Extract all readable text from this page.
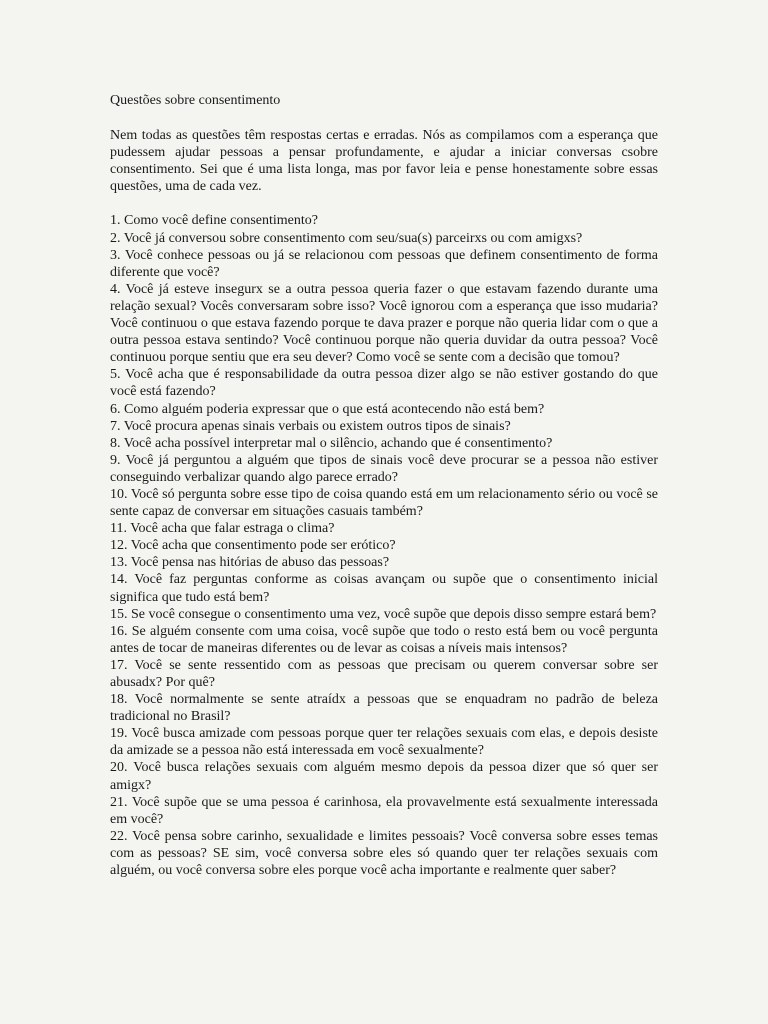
Questões sobre consentimento

Nem todas as questões têm respostas certas e erradas. Nós as compilamos com a esperança que pudessem ajudar pessoas a pensar profundamente, e ajudar a iniciar conversas csobre consentimento. Sei que é uma lista longa, mas por favor leia e pense honestamente sobre essas questões, uma de cada vez.

1. Como você define consentimento?
2. Você já conversou sobre consentimento com seu/sua(s) parceirxs ou com amigxs?
3. Você conhece pessoas ou já se relacionou com pessoas que definem consentimento de forma diferente que você?
4. Você já esteve insegurx se a outra pessoa queria fazer o que estavam fazendo durante uma relação sexual? Vocês conversaram sobre isso? Você ignorou com a esperança que isso mudaria? Você continuou o que estava fazendo porque te dava prazer e porque não queria lidar com o que a outra pessoa estava sentindo? Você continuou porque não queria duvidar da outra pessoa? Você continuou porque sentiu que era seu dever? Como você se sente com a decisão que tomou?
5. Você acha que é responsabilidade da outra pessoa dizer algo se não estiver gostando do que você está fazendo?
6. Como alguém poderia expressar que o que está acontecendo não está bem?
7. Você procura apenas sinais verbais ou existem outros tipos de sinais?
8. Você acha possível interpretar mal o silêncio, achando que é consentimento?
9. Você já perguntou a alguém que tipos de sinais você deve procurar se a pessoa não estiver conseguindo verbalizar quando algo parece errado?
10. Você só pergunta sobre esse tipo de coisa quando está em um relacionamento sério ou você se sente capaz de conversar em situações casuais também?
11. Você acha que falar estraga o clima?
12. Você acha que consentimento pode ser erótico?
13. Você pensa nas hitórias de abuso das pessoas?
14. Você faz perguntas conforme as coisas avançam ou supõe que o consentimento inicial significa que tudo está bem?
15. Se você consegue o consentimento uma vez, você supõe que depois disso sempre estará bem?
16. Se alguém consente com uma coisa, você supõe que todo o resto está bem ou você pergunta antes de tocar de maneiras diferentes ou de levar as coisas a níveis mais intensos?
17. Você se sente ressentido com as pessoas que precisam ou querem conversar sobre ser abusadx? Por quê?
18. Você normalmente se sente atraídx a pessoas que se enquadram no padrão de beleza tradicional no Brasil?
19. Você busca amizade com pessoas porque quer ter relações sexuais com elas, e depois desiste da amizade se a pessoa não está interessada em você sexualmente?
20. Você busca relações sexuais com alguém mesmo depois da pessoa dizer que só quer ser amigx?
21. Você supõe que se uma pessoa é carinhosa, ela provavelmente está sexualmente interessada em você?
22. Você pensa sobre carinho, sexualidade e limites pessoais? Você conversa sobre esses temas com as pessoas? SE sim, você conversa sobre eles só quando quer ter relações sexuais com alguém, ou você conversa sobre eles porque você acha importante e realmente quer saber?
